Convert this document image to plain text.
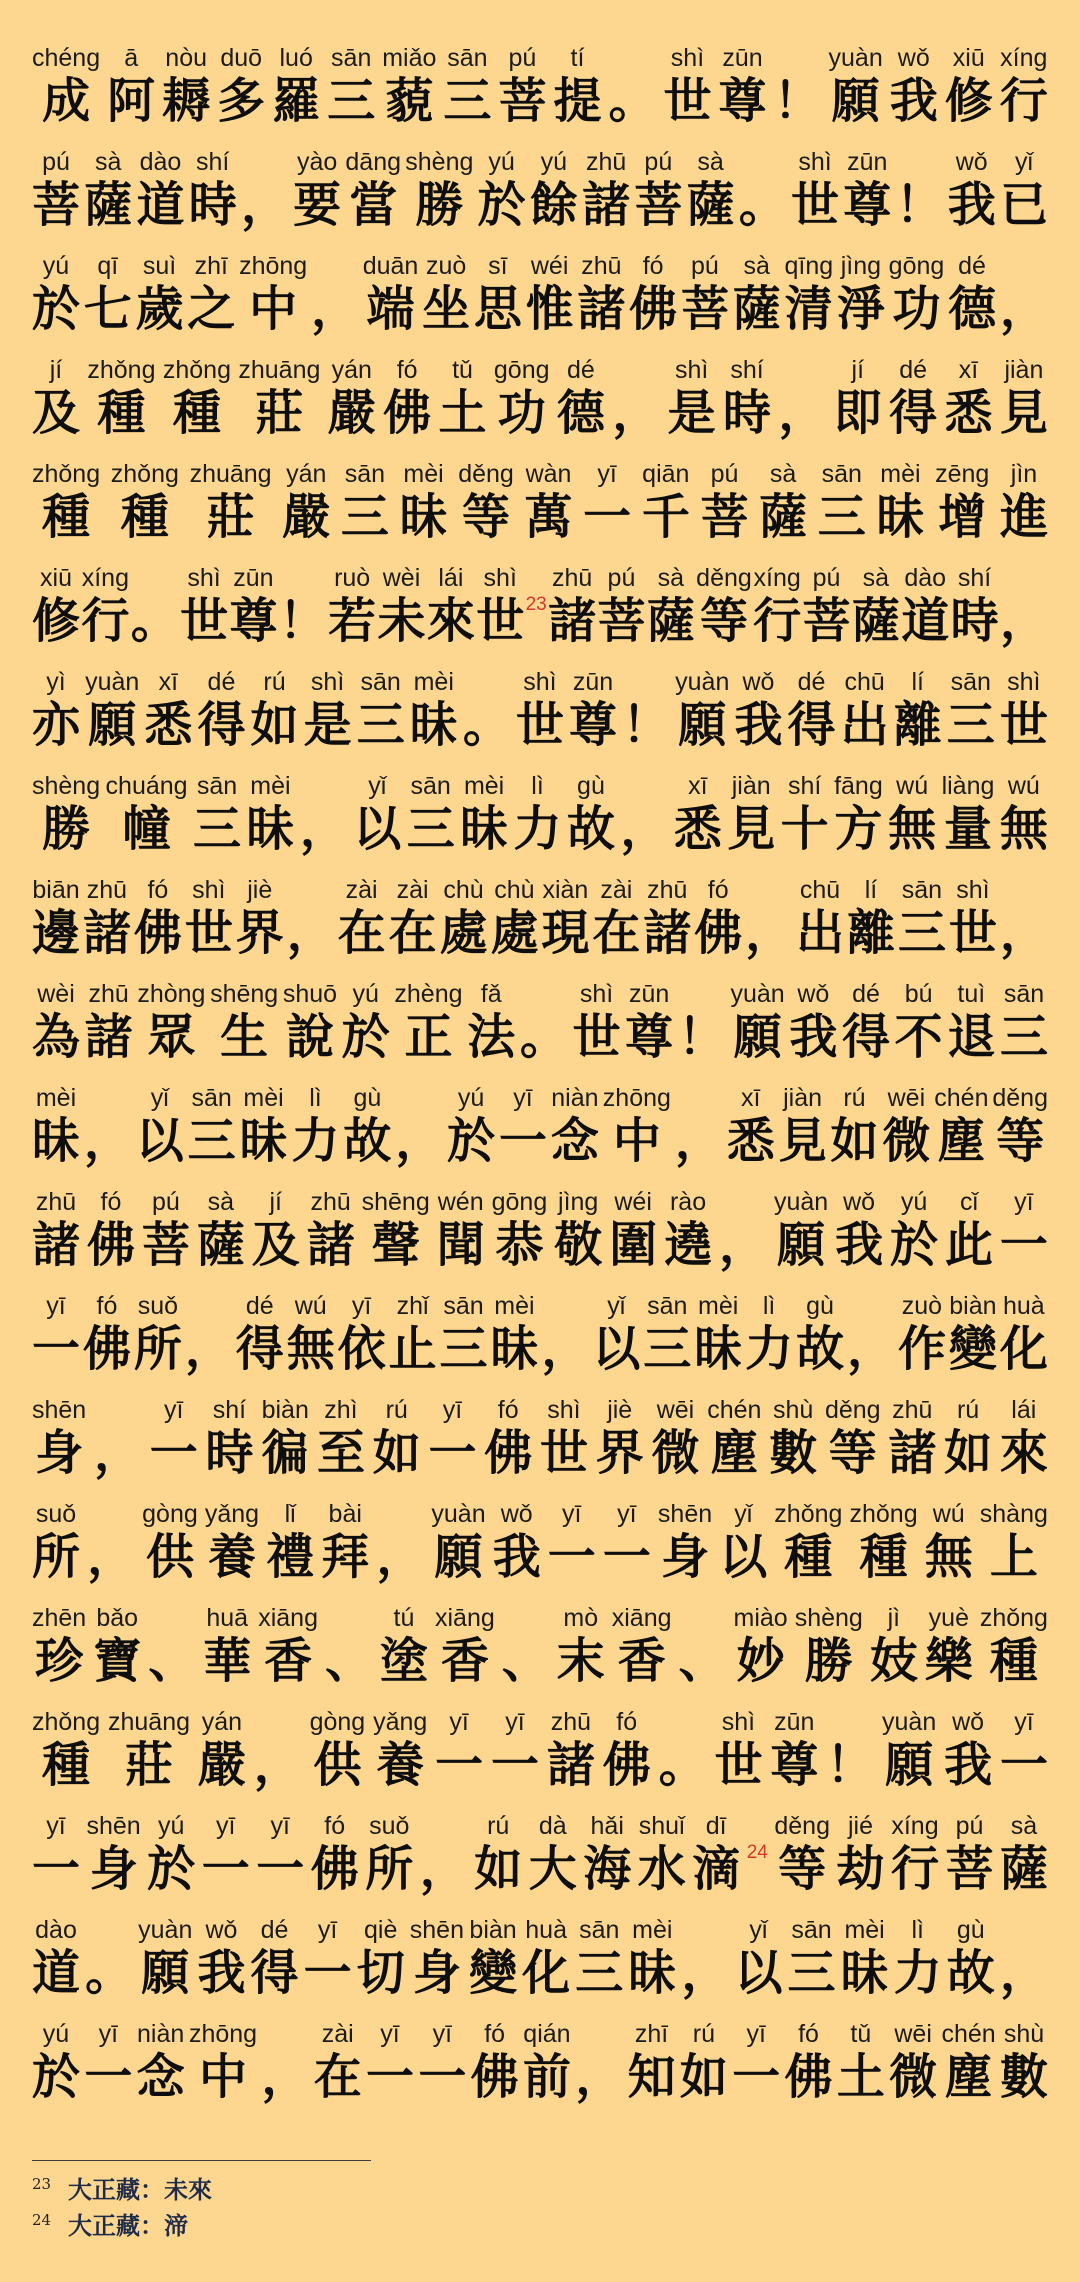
chéng
成
ā
阿
nòu
耨
duō
多
luó
羅
sān
三
miǎo
藐
sān
三
pú
菩
tí
提 。
shì
世
zūn
尊 ！
yuàn
願
wǒ
我
xiū
修
xíng
行
pú
菩
sà
薩
dào
道
shí
時 ，
yào
要
dāng
當
shèng
勝
yú
於
yú
餘
zhū
諸
pú
菩
sà
薩 。
shì
世
zūn
尊 ！
wǒ
我
yǐ
已
yú
於
qī
七
suì
歲
zhī
之
zhōng
中 ，
duān
端
zuò
坐
sī
思
wéi
惟
zhū
諸
fó
佛
pú
菩
sà
薩
qīng
清
jìng
淨
gōng
功
dé
德 ，
jí
及
zhǒng
種
zhǒng
種
zhuāng
莊
yán
嚴
fó
佛
tǔ
土
gōng
功
dé
德 ，
shì
是
shí
時 ，
jí
即
dé
得
xī
悉
jiàn
見
zhǒng
種
zhǒng
種
zhuāng
莊
yán
嚴
sān
三
mèi
昧
děng
等
wàn
萬
yī
一
qiān
千
pú
菩
sà
薩
sān
三
mèi
昧
zēng
增
jìn
進
xiū
修
xíng
行 。
shì
世
zūn
尊 ！
ruò
若
wèi
未
lái
來
shì
世 23
zhū
諸
pú
菩
sà
薩
děng
等
xíng
行
pú
菩
sà
薩
dào
道
shí
時 ，
yì
亦
yuàn
願
xī
悉
dé
得
rú
如
shì
是
sān
三
mèi
昧 。
shì
世
zūn
尊 ！
yuàn
願
wǒ
我
dé
得
chū
出
lí
離
sān
三
shì
世
shèng
勝
chuáng
幢
sān
三
mèi
昧 ，
yǐ
以
sān
三
mèi
昧
lì
力
gù
故 ，
xī
悉
jiàn
見
shí
十
fāng
方
wú
無
liàng
量
wú
無
biān
邊
zhū
諸
fó
佛
shì
世
jiè
界 ，
zài
在
zài
在
chù
處
chù
處
xiàn
現
zài
在
zhū
諸
fó
佛 ，
chū
出
lí
離
sān
三
shì
世 ，
wèi
為
zhū
諸
zhòng
眾
shēng
生
shuō
說
yú
於
zhèng
正
fǎ
法 。
shì
世
zūn
尊 ！
yuàn
願
wǒ
我
dé
得
bú
不
tuì
退
sān
三
mèi
昧 ，
yǐ
以
sān
三
mèi
昧
lì
力
gù
故 ，
yú
於
yī
一
niàn
念
zhōng
中 ，
xī
悉
jiàn
見
rú
如
wēi
微
chén
塵
děng
等
zhū
諸
fó
佛
pú
菩
sà
薩
jí
及
zhū
諸
shēng
聲
wén
聞
gōng
恭
jìng
敬
wéi
圍
rào
遶 ，
yuàn
願
wǒ
我
yú
於
cǐ
此
yī
一
yī
一
fó
佛
suǒ
所 ，
dé
得
wú
無
yī
依
zhǐ
止
sān
三
mèi
昧 ，
yǐ
以
sān
三
mèi
昧
lì
力
gù
故 ，
zuò
作
biàn
變
huà
化
shēn
身 ，
yī
一
shí
時
biàn
徧
zhì
至
rú
如
yī
一
fó
佛
shì
世
jiè
界
wēi
微
chén
塵
shù
數
děng
等
zhū
諸
rú
如
lái
來
suǒ
所 ，
gòng
供
yǎng
養
lǐ
禮
bài
拜 ，
yuàn
願
wǒ
我
yī
一
yī
一
shēn
身
yǐ
以
zhǒng
種
zhǒng
種
wú
無
shàng
上
zhēn
珍
bǎo
寶 、
huā
華
xiāng
香 、
tú
塗
xiāng
香 、
mò
末
xiāng
香 、
miào
妙
shèng
勝
jì
妓
yuè
樂
zhǒng
種
zhǒng
種
zhuāng
莊
yán
嚴 ，
gòng
供
yǎng
養
yī
一
yī
一
zhū
諸
fó
佛 。
shì
世
zūn
尊 ！
yuàn
願
wǒ
我
yī
一
yī
一
shēn
身
yú
於
yī
一
yī
一
fó
佛
suǒ
所 ，
rú
如
dà
大
hǎi
海
shuǐ
水
dī
滴 24
děng
等
jié
劫
xíng
行
pú
菩
sà
薩
dào
道 。
yuàn
願
wǒ
我
dé
得
yī
一
qiè
切
shēn
身
biàn
變
huà
化
sān
三
mèi
昧 ，
yǐ
以
sān
三
mèi
昧
lì
力
gù
故 ，
yú
於
yī
一
niàn
念
zhōng
中 ，
zài
在
yī
一
yī
一
fó
佛
qián
前 ，
zhī
知
rú
如
yī
一
fó
佛
tǔ
土
wēi
微
chén
塵
shù
數
23 大正藏：未來
24 大正藏：渧
